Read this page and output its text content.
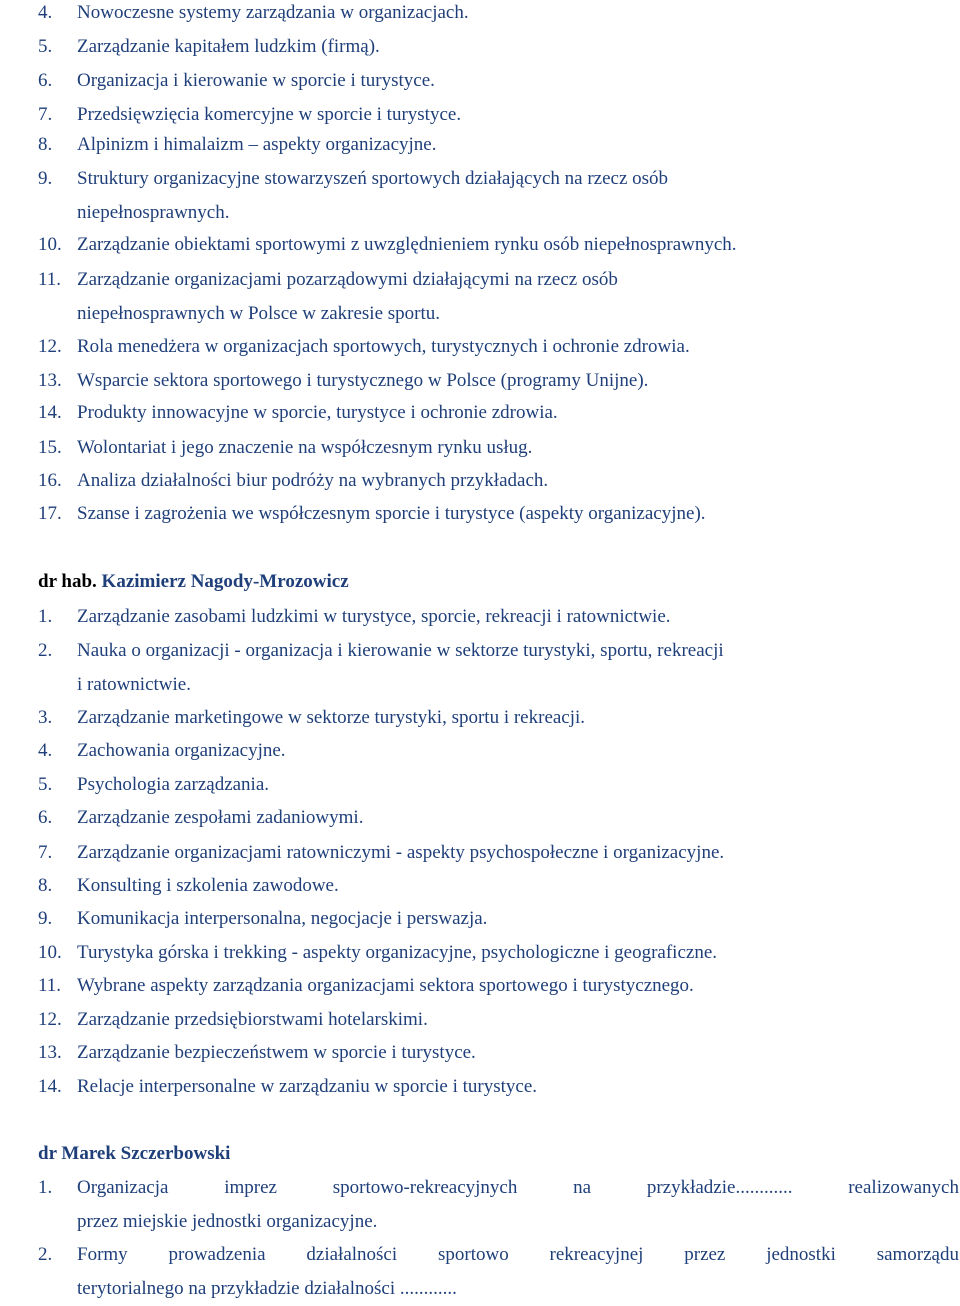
4. Nowoczesne systemy zarządzania w organizacjach.
5. Zarządzanie kapitałem ludzkim (firmą).
6. Organizacja i kierowanie w sporcie i turystyce.
7. Przedsięwzięcia komercyjne w sporcie i turystyce.
8. Alpinizm i himalaizm – aspekty organizacyjne.
9. Struktury organizacyjne stowarzyszeń sportowych działających na rzecz osób
niepełnosprawnych.
10. Zarządzanie obiektami sportowymi z uwzględnieniem rynku osób niepełnosprawnych.
11. Zarządzanie organizacjami pozarządowymi działającymi na rzecz osób
niepełnosprawnych w Polsce w zakresie sportu.
12. Rola menedżera w organizacjach sportowych, turystycznych i ochronie zdrowia.
13. Wsparcie sektora sportowego i turystycznego w Polsce (programy Unijne).
14. Produkty innowacyjne w sporcie, turystyce i ochronie zdrowia.
15. Wolontariat i jego znaczenie na współczesnym rynku usług.
16. Analiza działalności biur podróży na wybranych przykładach.
17. Szanse i zagrożenia we współczesnym sporcie i turystyce (aspekty organizacyjne).
dr hab. Kazimierz Nagody-Mrozowicz
1. Zarządzanie zasobami ludzkimi w turystyce, sporcie, rekreacji i ratownictwie.
2. Nauka o organizacji - organizacja i kierowanie w sektorze turystyki, sportu, rekreacji
i ratownictwie.
3. Zarządzanie marketingowe w sektorze turystyki, sportu i rekreacji.
4. Zachowania organizacyjne.
5. Psychologia zarządzania.
6. Zarządzanie zespołami zadaniowymi.
7. Zarządzanie organizacjami ratowniczymi - aspekty psychospołeczne i organizacyjne.
8. Konsulting i szkolenia zawodowe.
9. Komunikacja interpersonalna, negocjacje i perswazja.
10. Turystyka górska i trekking - aspekty organizacyjne, psychologiczne i geograficzne.
11. Wybrane aspekty zarządzania organizacjami sektora sportowego i turystycznego.
12. Zarządzanie przedsiębiorstwami hotelarskimi.
13. Zarządzanie bezpieczeństwem w sporcie i turystyce.
14. Relacje interpersonalne w zarządzaniu w sporcie i turystyce.
dr Marek Szczerbowski
1. Organizacja imprez sportowo-rekreacyjnych na przykładzie............ realizowanych
przez miejskie jednostki organizacyjne.
2. Formy prowadzenia działalności sportowo rekreacyjnej przez jednostki samorządu
terytorialnego na przykładzie działalności ............
